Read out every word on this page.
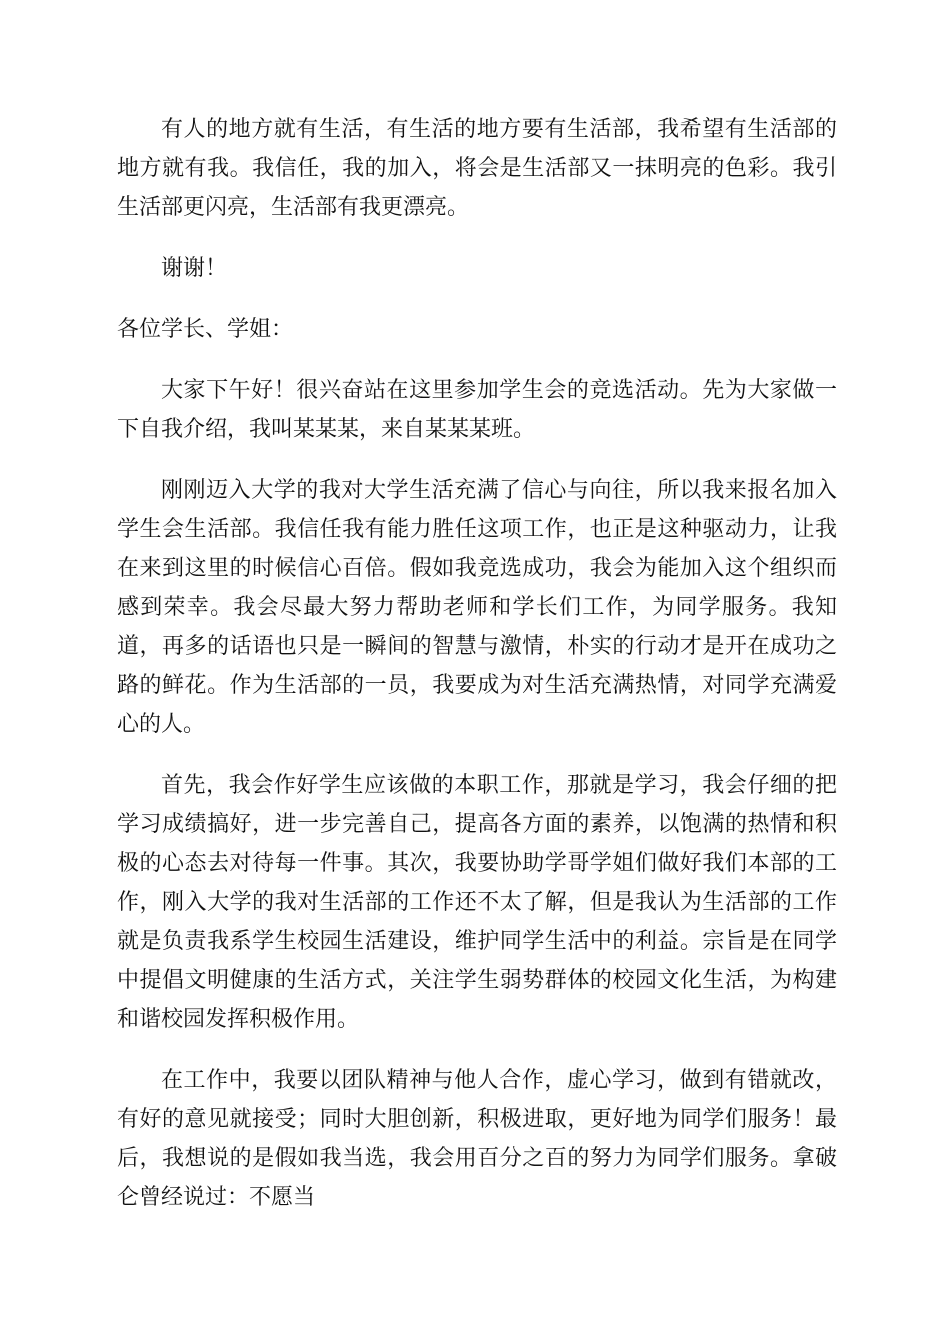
有人的地方就有生活，有生活的地方要有生活部，我希望有生活部的地方就有我。我信任，我的加入，将会是生活部又一抹明亮的色彩。我引生活部更闪亮，生活部有我更漂亮。

谢谢！

各位学长、学姐：

大家下午好！很兴奋站在这里参加学生会的竞选活动。先为大家做一下自我介绍，我叫某某某，来自某某某班。

刚刚迈入大学的我对大学生活充满了信心与向往，所以我来报名加入学生会生活部。我信任我有能力胜任这项工作，也正是这种驱动力，让我在来到这里的时候信心百倍。假如我竞选成功，我会为能加入这个组织而感到荣幸。我会尽最大努力帮助老师和学长们工作，为同学服务。我知道，再多的话语也只是一瞬间的智慧与激情，朴实的行动才是开在成功之路的鲜花。作为生活部的一员，我要成为对生活充满热情，对同学充满爱心的人。

首先，我会作好学生应该做的本职工作，那就是学习，我会仔细的把学习成绩搞好，进一步完善自己，提高各方面的素养，以饱满的热情和积极的心态去对待每一件事。其次，我要协助学哥学姐们做好我们本部的工作，刚入大学的我对生活部的工作还不太了解，但是我认为生活部的工作就是负责我系学生校园生活建设，维护同学生活中的利益。宗旨是在同学中提倡文明健康的生活方式，关注学生弱势群体的校园文化生活，为构建和谐校园发挥积极作用。

在工作中，我要以团队精神与他人合作，虚心学习，做到有错就改，有好的意见就接受；同时大胆创新，积极进取，更好地为同学们服务！最后，我想说的是假如我当选，我会用百分之百的努力为同学们服务。拿破仑曾经说过：不愿当
